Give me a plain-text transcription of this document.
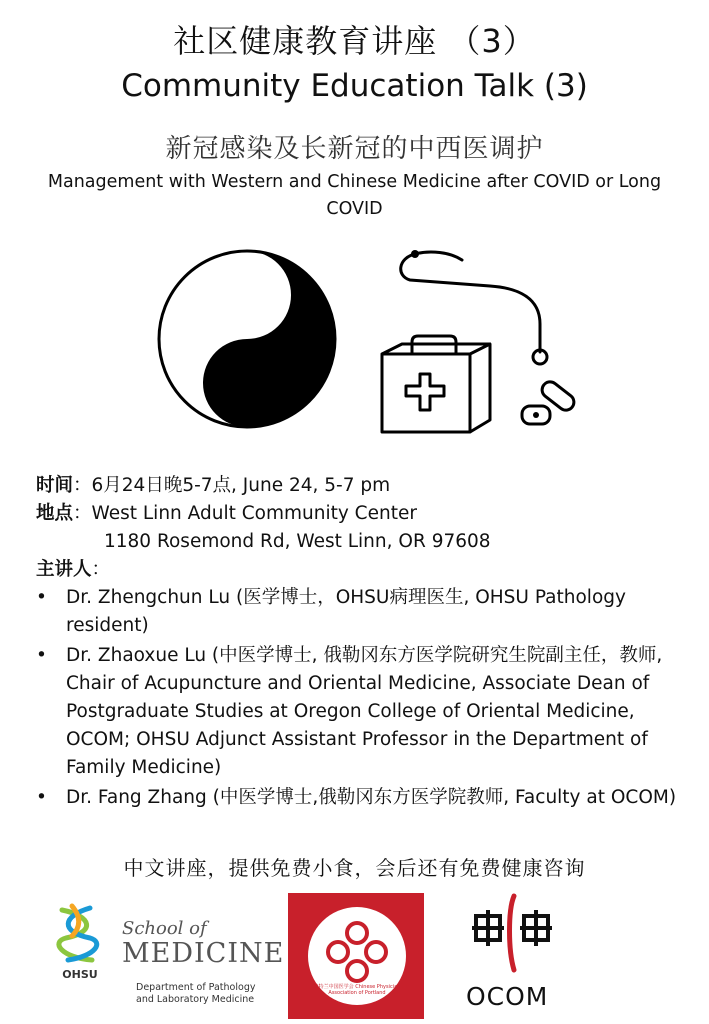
社区健康教育讲座 （3）
Community Education Talk (3)
新冠感染及长新冠的中西医调护
Management with Western and Chinese Medicine after COVID or Long COVID
时间：6月24日晚5-7点, June 24, 5-7 pm
地点：West Linn Adult Community Center
1180 Rosemond Rd, West Linn, OR 97608
主讲人：
• Dr. Zhengchun Lu (医学博士，OHSU病理医生, OHSU Pathology resident)
• Dr. Zhaoxue Lu (中医学博士, 俄勒冈东方医学院研究生院副主任，教师, Chair of Acupuncture and Oriental Medicine, Associate Dean of Postgraduate Studies at Oregon College of Oriental Medicine, OCOM; OHSU Adjunct Assistant Professor in the Department of Family Medicine)
• Dr. Fang Zhang (中医学博士,俄勒冈东方医学院教师, Faculty at OCOM)
中文讲座，提供免费小食，会后还有免费健康咨询
OHSU
School of
MEDICINE
Department of Pathology
and Laboratory Medicine
波特兰中国医学会 Chinese Physician Association of Portland	OCOM
